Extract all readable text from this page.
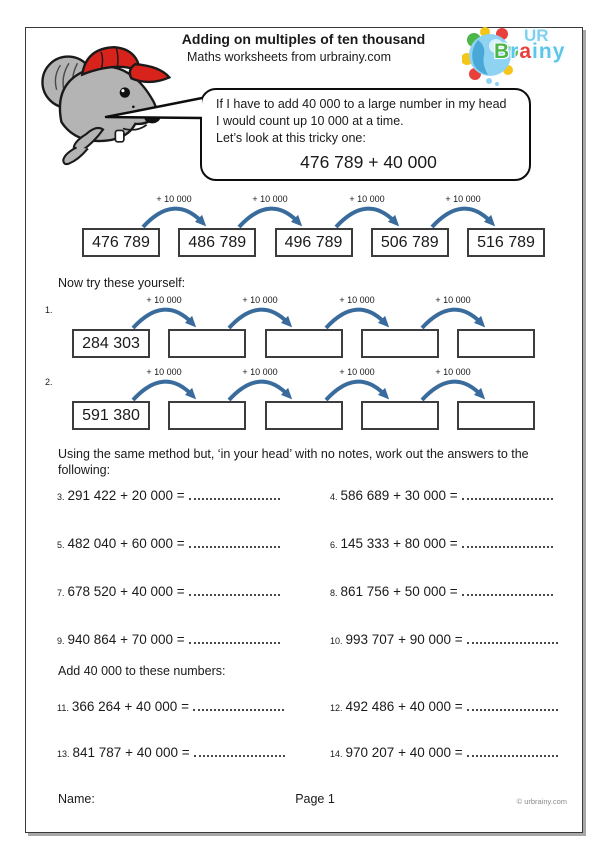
Adding on multiples of ten thousand
Maths worksheets from urbrainy.com
UR
Brainy
If I have to add 40 000 to a large number in my head
I would count up 10 000 at a time.
Let’s look at this tricky one:
476 789 + 40 000
+ 10 000	+ 10 000	+ 10 000	+ 10 000
476 789	486 789	496 789	506 789	516 789
Now try these yourself:
1.
+ 10 000	+ 10 000	+ 10 000	+ 10 000
284 303
2.
+ 10 000	+ 10 000	+ 10 000	+ 10 000
591 380
Using the same method but, ‘in your head’ with no notes, work out the answers to the following:
3. 291 422 + 20 000 =	4. 586 689 + 30 000 =
5. 482 040 + 60 000 =	6. 145 333 + 80 000 =
7. 678 520 + 40 000 =	8. 861 756 + 50 000 =
9. 940 864 + 70 000 =	10. 993 707 + 90 000 =
Add 40 000 to these numbers:
11. 366 264 + 40 000 =	12. 492 486 + 40 000 =
13. 841 787 + 40 000 =	14. 970 207 + 40 000 =
Name:	Page 1	© urbrainy.com
